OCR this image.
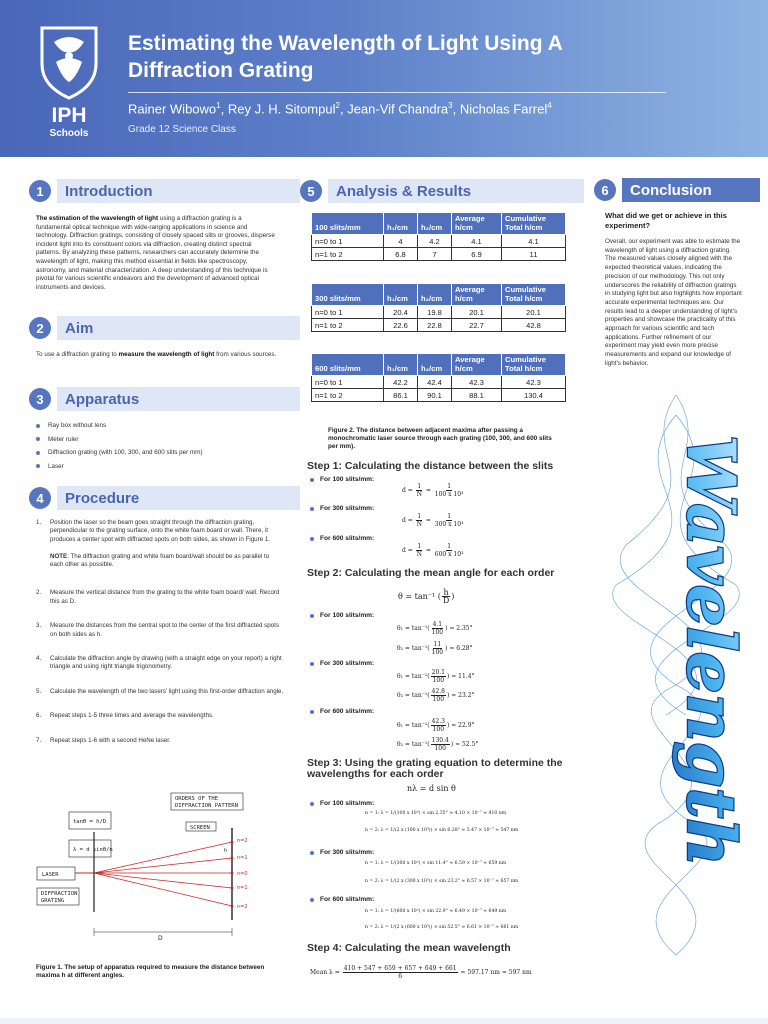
IPH
Schools
Estimating the Wavelength of Light Using A
Diffraction Grating
Rainer Wibowo$^1$, Rey J. H. Sitompul$^2$, Jean-Vif Chandra$^3$, Nicholas Farrel$^4$
Grade 12 Science Class
1	Introduction
The estimation of the wavelength of light using a diffraction grating is a fundamental optical technique with wide-ranging applications in science and technology. Diffraction gratings, consisting of closely spaced slits or grooves, disperse incident light into its constituent colors via diffraction, creating distinct spectral patterns. By analyzing these patterns, researchers can accurately determine the wavelength of light, making this method essential in fields like spectroscopy, astronomy, and material characterization. A deep understanding of this technique is pivotal for various scientific endeavors and the development of advanced optical instruments and devices.
2	Aim
To use a diffraction grating to measure the wavelength of light from various sources.
3	Apparatus
Ray box without lens
Meter ruler
Diffraction grating (with 100, 300, and 600 slits per mm)
Laser
4	Procedure
1.	Position the laser so the beam goes straight through the diffraction grating, perpendicular to the grating surface, onto the white foam board or wall. There, it produces a center spot with diffracted spots on both sides, as shown in Figure 1.

NOTE: The diffraction grating and white foam board/wall should be as parallel to each other as possible.
2.	Measure the vertical distance from the grating to the white foam board/ wall. Record this as D.
3.	Measure the distances from the central spot to the center of the first diffracted spots on both sides as h.
4.	Calculate the diffraction angle by drawing (with a straight edge on your report) a right triangle and using right triangle trigonometry.
5.	Calculate the wavelength of the two lasers' light using this first-order diffraction angle.
6.	Repeat steps 1-5 three times and average the wavelengths.
7.	Repeat steps 1-6 with a second HeNe laser.
ORDERS OF THE
DIFFRACTION PATTERN
SCREEN
tanθ = h/D
λ = d sinθ/n
LASER
DIFFRACTION
GRATING
n=2
n=1
n=0
n=1
n=2
D
h
Figure 1. The setup of apparatus required to measure the distance between maxima h at different angles.
5	Analysis & Results
100 slits/mm	h₁/cm	h₂/cm	Average h/cm	Cumulative Total h/cm
n=0 to 1	4	4.2	4.1	4.1
n=1 to 2	6.8	7	6.9	11
300 slits/mm	h₁/cm	h₂/cm	Average h/cm	Cumulative Total h/cm
n=0 to 1	20.4	19.8	20.1	20.1
n=1 to 2	22.6	22.8	22.7	42.8
600 slits/mm	h₁/cm	h₂/cm	Average h/cm	Cumulative Total h/cm
n=0 to 1	42.2	42.4	42.3	42.3
n=1 to 2	86.1	90.1	88.1	130.4
Figure 2. The distance between adjacent maxima after passing a monochromatic laser source through each grating (100, 300, and 600 slits per mm).
Step 1: Calculating the distance between the slits
For 100 slits/mm:
$d = \frac{1}{N} = \frac{1}{\text{100 x 10³}}$
For 300 slits/mm:
$d = \frac{1}{N} = \frac{1}{\text{300 x 10³}}$
For 600 slits/mm:
$d = \frac{1}{N} = \frac{1}{\text{600 x 10³}}$
Step 2: Calculating the mean angle for each order
θ = tan⁻¹ ( $\frac{h}{D}$ )
For 100 slits/mm:
$\theta_1 = \tan^{-1}( \frac{4.1}{100}$ ) ≈ 2.35°
$\theta_2 = \tan^{-1}( \frac{11}{100}$ ) ≈ 6.28°
For 300 slits/mm:
$\theta_1 = \tan^{-1}( \frac{20.1}{100}$ ) ≈ 11.4°
$\theta_2 = \tan^{-1}( \frac{42.8}{100}$ ) ≈ 23.2°
For 600 slits/mm:
$\theta_1 = \tan^{-1}( \frac{42.3}{100}$ ) ≈ 22.9°
$\theta_2 = \tan^{-1}( \frac{130.4}{100}$ ) ≈ 52.5°
Step 3: Using the grating equation to determine the wavelengths for each order
nλ = d sin θ
For 100 slits/mm:
n = 1: λ = 1/(100 x 10³) × sin 2.35° ≈ 4.10 × 10⁻⁷ ≈ 410 nm
n = 2: λ = 1/(2 x (100 x 10³)) × sin 6.28° ≈ 5.47 × 10⁻⁷ ≈ 547 nm
For 300 slits/mm:
n = 1: λ = 1/(300 x 10³) × sin 11.4° ≈ 6.59 × 10⁻⁷ ≈ 659 nm
n = 2: λ = 1/(2 x (300 x 10³)) × sin 23.2° ≈ 6.57 × 10⁻⁷ ≈ 657 nm
For 600 slits/mm:
n = 1: λ = 1/(600 x 10³) × sin 22.9° ≈ 6.49 × 10⁻⁷ ≈ 649 nm
n = 2: λ = 1/(2 x (600 x 10³)) × sin 52.5° ≈ 6.61 × 10⁻⁷ ≈ 661 nm
Step 4: Calculating the mean wavelength
Mean λ =
$\frac{410 + 547 + 659 + 657 + 649 + 661}{6}$
≈ 597.17 nm ≈ 597 nm
6	Conclusion
What did we get or achieve in this experiment?
Overall, our experiment was able to estimate the wavelength of light using a diffraction grating. The measured values closely aligned with the expected theoretical values, indicating the precision of our methodology. This not only underscores the reliability of diffraction gratings in studying light but also highlights how important accurate experimental techniques are. Our results lead to a deeper understanding of light's properties and showcase the practicality of this approach for various scientific and tech applications. Further refinement of our experiment may yield even more precise measurements and expand our knowledge of light's behavior.
Wavelength
